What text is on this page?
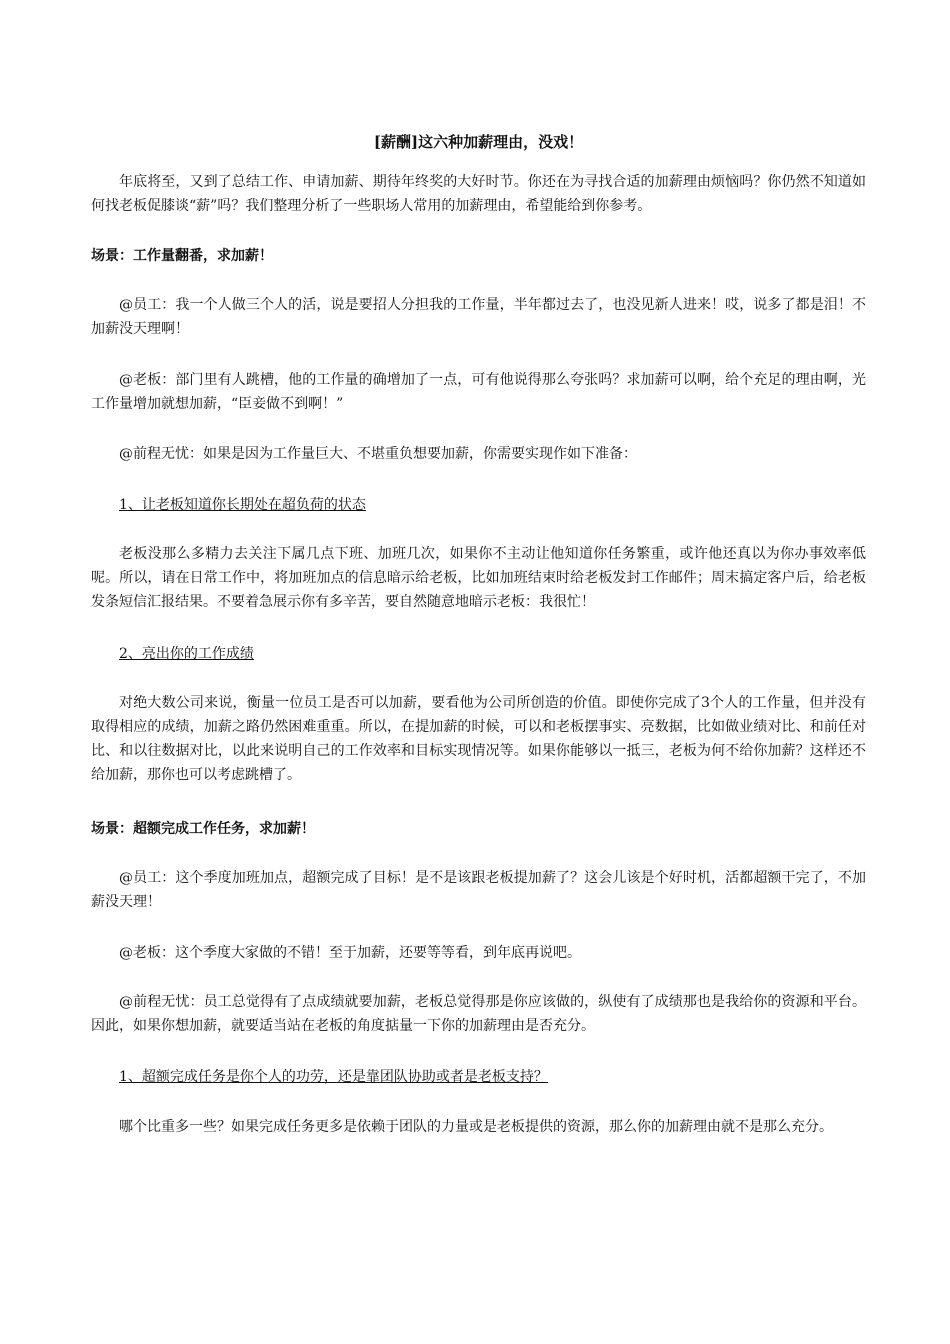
[薪酬]这六种加薪理由，没戏！

年底将至，又到了总结工作、申请加薪、期待年终奖的大好时节。你还在为寻找合适的加薪理由烦恼吗？你仍然不知道如何找老板促膝谈“薪”吗？我们整理分析了一些职场人常用的加薪理由，希望能给到你参考。

场景：工作量翻番，求加薪！

@员工：我一个人做三个人的活，说是要招人分担我的工作量，半年都过去了，也没见新人进来！哎，说多了都是泪！不加薪没天理啊！

@老板：部门里有人跳槽，他的工作量的确增加了一点，可有他说得那么夸张吗？求加薪可以啊，给个充足的理由啊，光工作量增加就想加薪，“臣妾做不到啊！”

@前程无忧：如果是因为工作量巨大、不堪重负想要加薪，你需要实现作如下准备：

1、让老板知道你长期处在超负荷的状态

老板没那么多精力去关注下属几点下班、加班几次，如果你不主动让他知道你任务繁重，或许他还真以为你办事效率低呢。所以，请在日常工作中，将加班加点的信息暗示给老板，比如加班结束时给老板发封工作邮件；周末搞定客户后，给老板发条短信汇报结果。不要着急展示你有多辛苦，要自然随意地暗示老板：我很忙！

2、亮出你的工作成绩

对绝大数公司来说，衡量一位员工是否可以加薪，要看他为公司所创造的价值。即使你完成了3个人的工作量，但并没有取得相应的成绩，加薪之路仍然困难重重。所以，在提加薪的时候，可以和老板摆事实、亮数据，比如做业绩对比、和前任对比、和以往数据对比，以此来说明自己的工作效率和目标实现情况等。如果你能够以一抵三，老板为何不给你加薪？这样还不给加薪，那你也可以考虑跳槽了。

场景：超额完成工作任务，求加薪！

@员工：这个季度加班加点，超额完成了目标！是不是该跟老板提加薪了？这会儿该是个好时机，活都超额干完了，不加薪没天理！

@老板：这个季度大家做的不错！至于加薪，还要等等看，到年底再说吧。

@前程无忧：员工总觉得有了点成绩就要加薪，老板总觉得那是你应该做的，纵使有了成绩那也是我给你的资源和平台。因此，如果你想加薪，就要适当站在老板的角度掂量一下你的加薪理由是否充分。

1、超额完成任务是你个人的功劳，还是靠团队协助或者是老板支持？

哪个比重多一些？如果完成任务更多是依赖于团队的力量或是老板提供的资源，那么你的加薪理由就不是那么充分。
